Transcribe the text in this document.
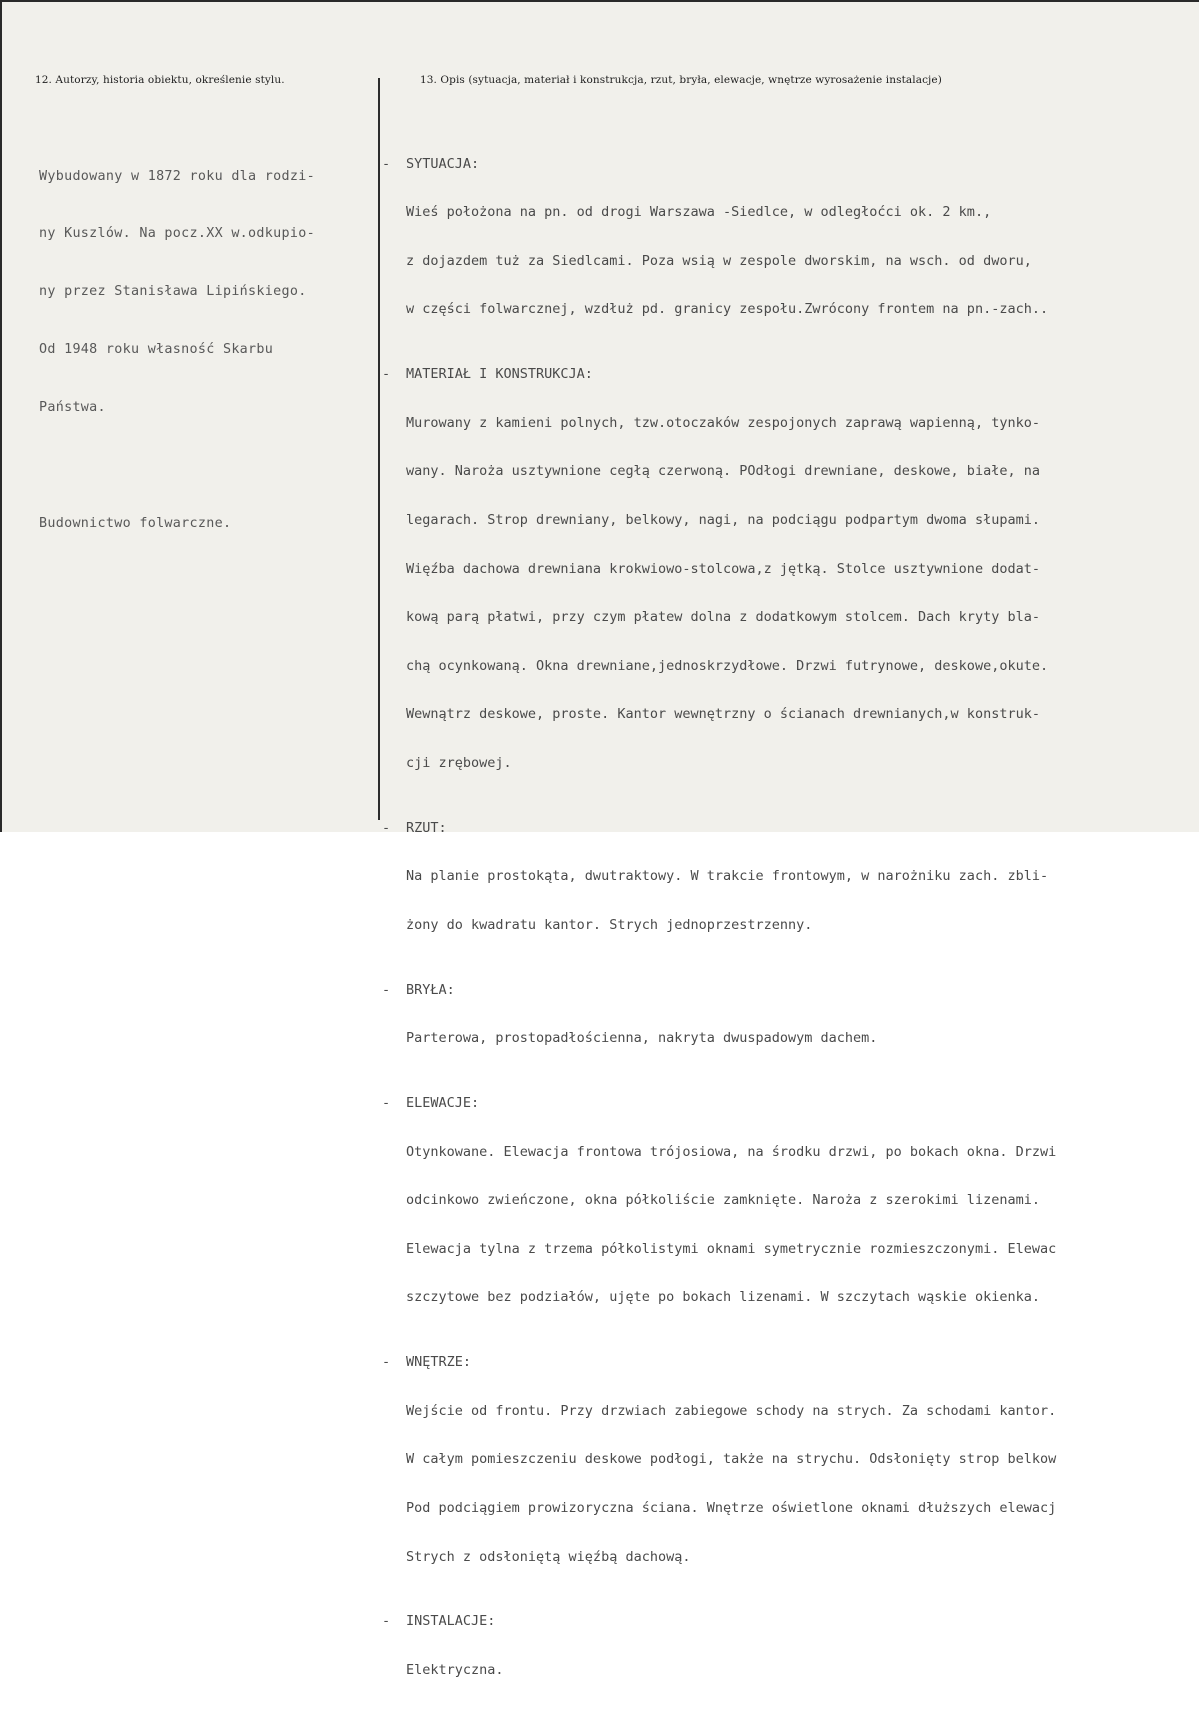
12. Autorzy, historia obiektu, określenie stylu.	13. Opis (sytuacja, materiał i konstrukcja, rzut, bryła, elewacje, wnętrze wyrosażenie instalacje)

Wybudowany w 1872 roku dla rodzi-

ny Kuszlów. Na pocz.XX w.odkupio-

ny przez Stanisława Lipińskiego.

Od 1948 roku własność Skarbu

Państwa.

Budownictwo folwarczne.

- SYTUACJA:

Wieś położona na pn. od drogi Warszawa -Siedlce, w odległoćci ok. 2 km.,

z dojazdem tuż za Siedlcami. Poza wsią w zespole dworskim, na wsch. od dworu,

w części folwarcznej, wzdłuż pd. granicy zespołu.Zwrócony frontem na pn.-zach..

- MATERIAŁ I KONSTRUKCJA:

Murowany z kamieni polnych, tzw.otoczaków zespojonych zaprawą wapienną, tynko-

wany. Naroża usztywnione cegłą czerwoną. POdłogi drewniane, deskowe, białe, na

legarach. Strop drewniany, belkowy, nagi, na podciągu podpartym dwoma słupami.

Więźba dachowa drewniana krokwiowo-stolcowa,z jętką. Stolce usztywnione dodat-

kową parą płatwi, przy czym płatew dolna z dodatkowym stolcem. Dach kryty bla-

chą ocynkowaną. Okna drewniane,jednoskrzydłowe. Drzwi futrynowe, deskowe,okute.

Wewnątrz deskowe, proste. Kantor wewnętrzny o ścianach drewnianych,w konstruk-

cji zrębowej.

- RZUT:

Na planie prostokąta, dwutraktowy. W trakcie frontowym, w narożniku zach. zbli-

żony do kwadratu kantor. Strych jednoprzestrzenny.

- BRYŁA:

Parterowa, prostopadłościenna, nakryta dwuspadowym dachem.

- ELEWACJE:

Otynkowane. Elewacja frontowa trójosiowa, na środku drzwi, po bokach okna. Drzwi

odcinkowo zwieńczone, okna półkoliście zamknięte. Naroża z szerokimi lizenami.

Elewacja tylna z trzema półkolistymi oknami symetrycznie rozmieszczonymi. Elewac

szczytowe bez podziałów, ujęte po bokach lizenami. W szczytach wąskie okienka.

- WNĘTRZE:

Wejście od frontu. Przy drzwiach zabiegowe schody na strych. Za schodami kantor.

W całym pomieszczeniu deskowe podłogi, także na strychu. Odsłonięty strop belkow

Pod podciągiem prowizoryczna ściana. Wnętrze oświetlone oknami dłuższych elewacj

Strych z odsłoniętą więźbą dachową.

- INSTALACJE:

Elektryczna.
